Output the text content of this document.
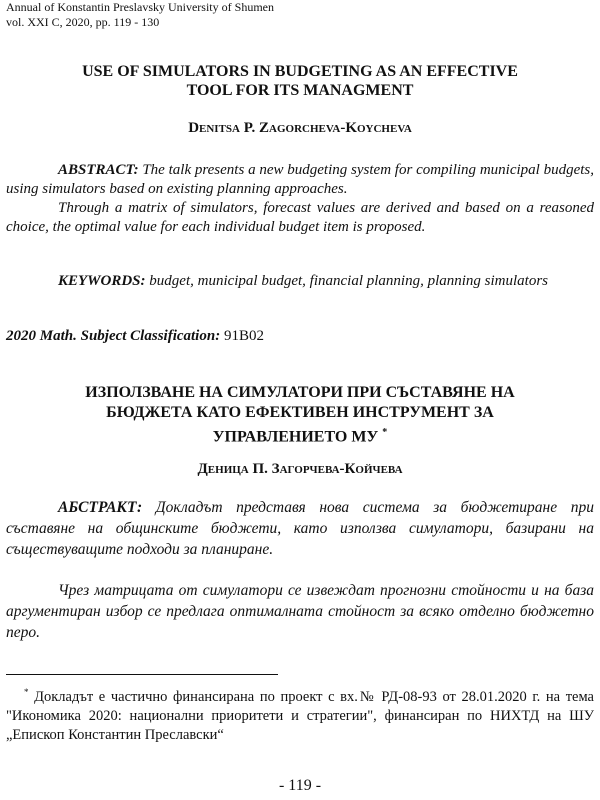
Annual of Konstantin Preslavsky University of Shumen
vol. XXI C, 2020, pp. 119 - 130
USE OF SIMULATORS IN BUDGETING AS AN EFFECTIVE
TOOL FOR ITS MANAGMENT
Denitsa P. Zagorcheva-Koycheva
ABSTRACT: The talk presents a new budgeting system for compiling municipal budgets, using simulators based on existing planning approaches.
Through a matrix of simulators, forecast values are derived and based on a reasoned choice, the optimal value for each individual budget item is proposed.
KEYWORDS: budget, municipal budget, financial planning, planning simulators
2020 Math. Subject Classification: 91B02
ИЗПОЛЗВАНЕ НА СИМУЛАТОРИ ПРИ СЪСТАВЯНЕ НА
БЮДЖЕТА КАТО ЕФЕКТИВЕН ИНСТРУМЕНТ ЗА
УПРАВЛЕНИЕТО МУ *
Деница П. Загорчева-Койчева
АБСТРАКТ: Докладът представя нова система за бюджетиране при съставяне на общинските бюджети, като използва симулатори, базирани на съществуващите подходи за планиране.
Чрез матрицата от симулатори се извеждат прогнозни стойности и на база аргументиран избор се предлага оптималната стойност за всяко отделно бюджетно перо.
* Докладът е частично финансирана по проект с вх.№ РД-08-93 от 28.01.2020 г. на тема "Икономика 2020: национални приоритети и стратегии", финансиран по НИХТД на ШУ „Епископ Константин Преславски“
- 119 -
